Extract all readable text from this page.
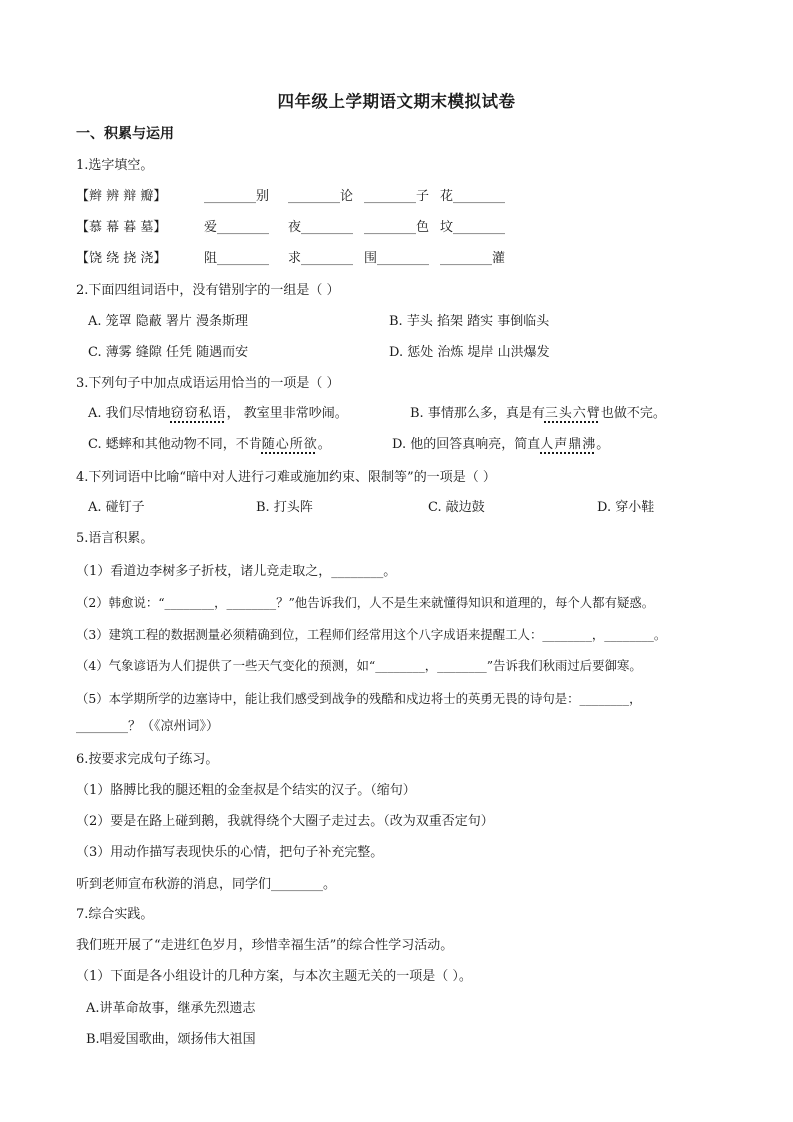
四年级上学期语文期末模拟试卷
一、积累与运用
1.选字填空。
【辫 辨 辩 瓣】	________别 ________论 ________子 花________
【慕 幕 暮 墓】	爱________ 夜________ ________色 坟________
【饶 绕 挠 浇】	阻________ 求________ 围________ ________灌
2.下面四组词语中，没有错别字的一组是（ ）
A. 笼罩 隐蔽 署片 漫条斯理	B. 芋头 掐架 踏实 事倒临头
C. 薄雾 缝隙 任凭 随遇而安	D. 惩处 治炼 堤岸 山洪爆发
3.下列句子中加点成语运用恰当的一项是（ ）
A. 我们尽情地窃窃私语， 教室里非常吵闹。	B. 事情那么多，真是有三头六臂也做不完。
C. 蟋蟀和其他动物不同，不肯随心所欲。	D. 他的回答真响亮，简直人声鼎沸。
4.下列词语中比喻“暗中对人进行刁难或施加约束、限制等”的一项是（ ）
A. 碰钉子	B. 打头阵	C. 敲边鼓	D. 穿小鞋
5.语言积累。
（1）看道边李树多子折枝，诸儿竞走取之，________。
（2）韩愈说：“________，________？”他告诉我们，人不是生来就懂得知识和道理的，每个人都有疑惑。
（3）建筑工程的数据测量必须精确到位，工程师们经常用这个八字成语来提醒工人：________，________。
（4）气象谚语为人们提供了一些天气变化的预测，如“________，________”告诉我们秋雨过后要御寒。
（5）本学期所学的边塞诗中，能让我们感受到战争的残酷和戍边将士的英勇无畏的诗句是：________，
________？（《凉州词》）
6.按要求完成句子练习。
（1）胳膊比我的腿还粗的金奎叔是个结实的汉子。（缩句）
（2）要是在路上碰到鹅，我就得绕个大圈子走过去。（改为双重否定句）
（3）用动作描写表现快乐的心情，把句子补充完整。
听到老师宣布秋游的消息，同学们________。
7.综合实践。
我们班开展了“走进红色岁月，珍惜幸福生活”的综合性学习活动。
（1）下面是各小组设计的几种方案，与本次主题无关的一项是（ ）。
A.讲革命故事，继承先烈遗志
B.唱爱国歌曲，颂扬伟大祖国
